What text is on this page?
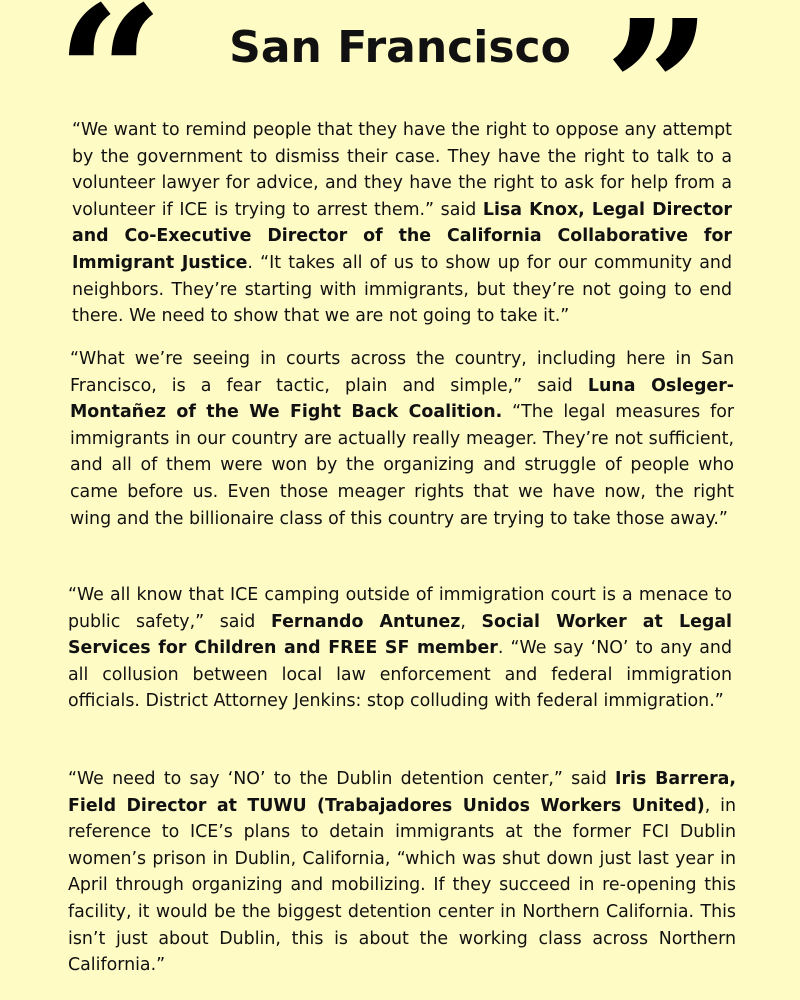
“	San Francisco ”

“We want to remind people that they have the right to oppose any attempt by the government to dismiss their case. They have the right to talk to a volunteer lawyer for advice, and they have the right to ask for help from a volunteer if ICE is trying to arrest them.” said Lisa Knox, Legal Director and Co-Executive Director of the California Collaborative for Immigrant Justice. “It takes all of us to show up for our community and neighbors. They’re starting with immigrants, but they’re not going to end there. We need to show that we are not going to take it.”

“What we’re seeing in courts across the country, including here in San Francisco, is a fear tactic, plain and simple,” said Luna Osleger-Montañez of the We Fight Back Coalition. “The legal measures for immigrants in our country are actually really meager. They’re not sufficient, and all of them were won by the organizing and struggle of people who came before us. Even those meager rights that we have now, the right wing and the billionaire class of this country are trying to take those away.”

“We all know that ICE camping outside of immigration court is a menace to public safety,” said Fernando Antunez, Social Worker at Legal Services for Children and FREE SF member. “We say ‘NO’ to any and all collusion between local law enforcement and federal immigration officials. District Attorney Jenkins: stop colluding with federal immigration.”

“We need to say ‘NO’ to the Dublin detention center,” said Iris Barrera, Field Director at TUWU (Trabajadores Unidos Workers United), in reference to ICE’s plans to detain immigrants at the former FCI Dublin women’s prison in Dublin, California, “which was shut down just last year in April through organizing and mobilizing. If they succeed in re-opening this facility, it would be the biggest detention center in Northern California. This isn’t just about Dublin, this is about the working class across Northern California.”
